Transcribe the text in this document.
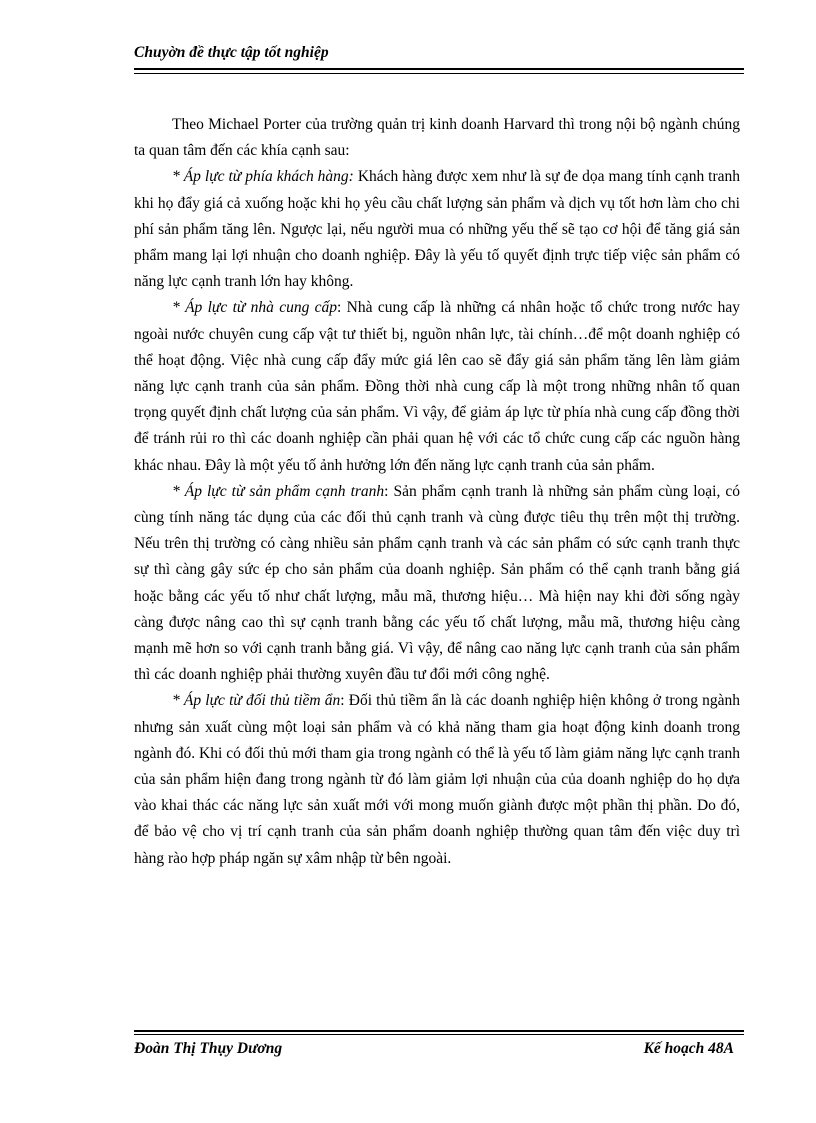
Chuyờn đề thực tập tốt nghiệp

Theo Michael Porter của trường quản trị kinh doanh Harvard thì trong nội bộ ngành chúng ta quan tâm đến các khía cạnh sau:

* Áp lực từ phía khách hàng: Khách hàng được xem như là sự đe dọa mang tính cạnh tranh khi họ đẩy giá cả xuống hoặc khi họ yêu cầu chất lượng sản phẩm và dịch vụ tốt hơn làm cho chi phí sản phẩm tăng lên. Ngược lại, nếu người mua có những yếu thế sẽ tạo cơ hội để tăng giá sản phẩm mang lại lợi nhuận cho doanh nghiệp. Đây là yếu tố quyết định trực tiếp việc sản phẩm có năng lực cạnh tranh lớn hay không.

* Áp lực từ nhà cung cấp: Nhà cung cấp là những cá nhân hoặc tổ chức trong nước hay ngoài nước chuyên cung cấp vật tư thiết bị, nguồn nhân lực, tài chính…để một doanh nghiệp có thể hoạt động. Việc nhà cung cấp đẩy mức giá lên cao sẽ đẩy giá sản phẩm tăng lên làm giảm năng lực cạnh tranh của sản phẩm. Đồng thời nhà cung cấp là một trong những nhân tố quan trọng quyết định chất lượng của sản phẩm. Vì vậy, để giảm áp lực từ phía nhà cung cấp đồng thời để tránh rủi ro thì các doanh nghiệp cần phải quan hệ với các tổ chức cung cấp các nguồn hàng khác nhau. Đây là một yếu tố ảnh hưởng lớn đến năng lực cạnh tranh của sản phẩm.

* Áp lực từ sản phẩm cạnh tranh: Sản phẩm cạnh tranh là những sản phẩm cùng loại, có cùng tính năng tác dụng của các đối thủ cạnh tranh và cùng được tiêu thụ trên một thị trường. Nếu trên thị trường có càng nhiều sản phẩm cạnh tranh và các sản phẩm có sức cạnh tranh thực sự thì càng gây sức ép cho sản phẩm của doanh nghiệp. Sản phẩm có thể cạnh tranh bằng giá hoặc bằng các yếu tố như chất lượng, mẫu mã, thương hiệu… Mà hiện nay khi đời sống ngày càng được nâng cao thì sự cạnh tranh bằng các yếu tố chất lượng, mẫu mã, thương hiệu càng mạnh mẽ hơn so với cạnh tranh bằng giá. Vì vậy, để nâng cao năng lực cạnh tranh của sản phẩm thì các doanh nghiệp phải thường xuyên đầu tư đổi mới công nghệ.

* Áp lực từ đối thủ tiềm ẩn: Đối thủ tiềm ẩn là các doanh nghiệp hiện không ở trong ngành nhưng sản xuất cùng một loại sản phẩm và có khả năng tham gia hoạt động kinh doanh trong ngành đó. Khi có đối thủ mới tham gia trong ngành có thể là yếu tố làm giảm năng lực cạnh tranh của sản phẩm hiện đang trong ngành từ đó làm giảm lợi nhuận của của doanh nghiệp do họ dựa vào khai thác các năng lực sản xuất mới với mong muốn giành được một phần thị phần. Do đó, để bảo vệ cho vị trí cạnh tranh của sản phẩm doanh nghiệp thường quan tâm đến việc duy trì hàng rào hợp pháp ngăn sự xâm nhập từ bên ngoài.

Đoàn Thị Thụy Dương	Kế hoạch 48A
